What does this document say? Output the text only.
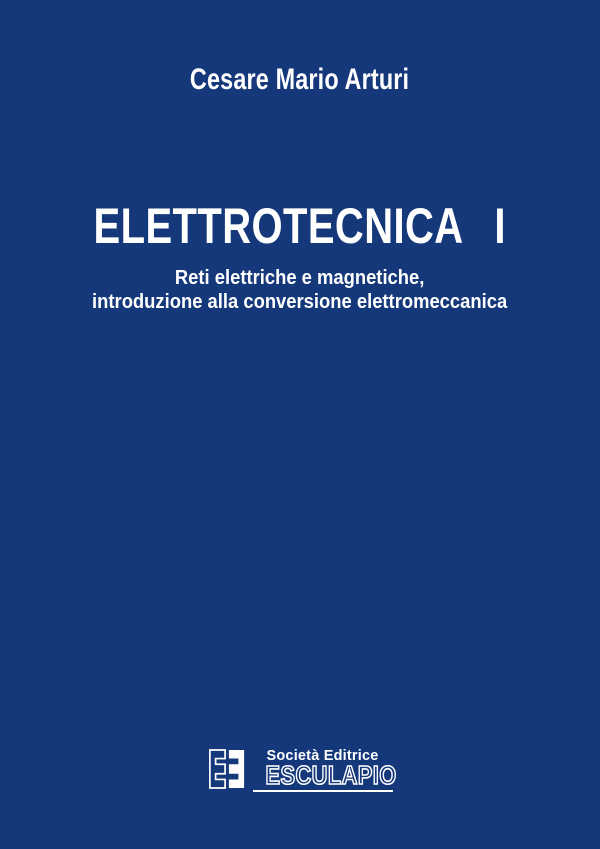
Cesare Mario Arturi
ELETTROTECNICA I
Reti elettriche e magnetiche,
introduzione alla conversione elettromeccanica
Società Editrice
ESCULAPIO
